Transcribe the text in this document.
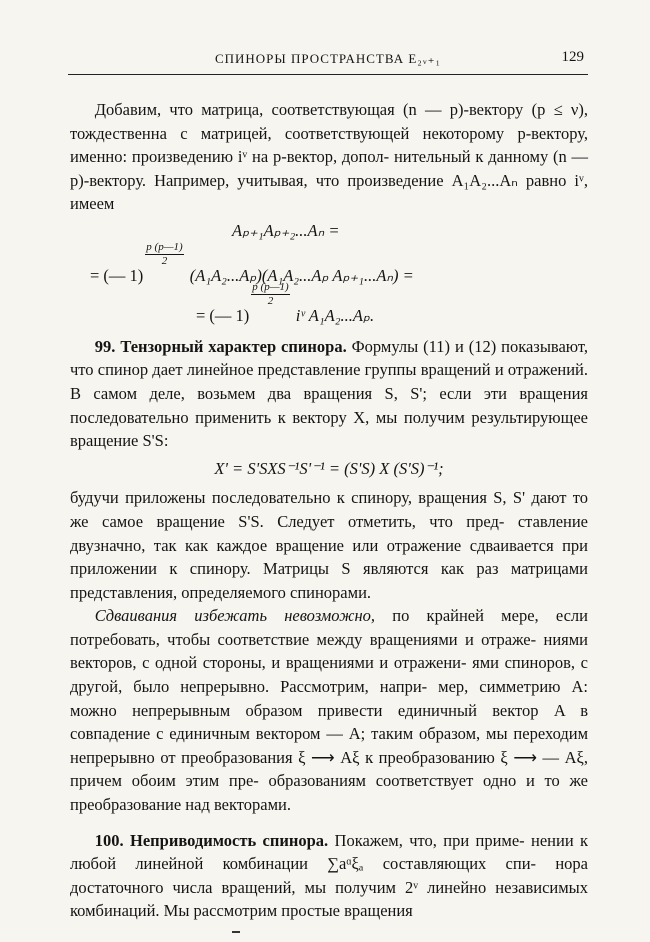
СПИНОРЫ ПРОСТРАНСТВА E₂ᵥ₊₁	129

Добавим, что матрица, соответствующая (n — p)-вектору (p ≤ ν), тождественна с матрицей, соответствующей некоторому p-вектору, именно: произведению iᵛ на p-вектор, допол- нительный к данному (n — p)-вектору. Например, учитывая, что произведение A₁A₂...Aₙ равно iᵛ, имеем

Aₚ₊₁Aₚ₊₂...Aₙ =
= (— 1)
$\frac{p (p—1)}{2}$
(A₁A₂...Aₚ)(A₁A₂...Aₚ Aₚ₊₁...Aₙ) =
= (— 1)
$\frac{p (p—1)}{2}$
iᵛ A₁A₂...Aₚ.

99. Тензорный характер спинора. Формулы (11) и (12) показывают, что спинор дает линейное представление группы вращений и отражений. В самом деле, возьмем два вращения S, S'; если эти вращения последовательно применить к вектору X, мы получим результирующее вращение S'S:

X' = S'SXS⁻¹S'⁻¹ = (S'S) X (S'S)⁻¹;

будучи приложены последовательно к спинору, вращения S, S' дают то же самое вращение S'S. Следует отметить, что пред- ставление двузначно, так как каждое вращение или отражение сдваивается при приложении к спинору. Матрицы S являются как раз матрицами представления, определяемого спинорами.

Сдваивания избежать невозможно, по крайней мере, если потребовать, чтобы соответствие между вращениями и отраже- ниями векторов, с одной стороны, и вращениями и отражени- ями спиноров, с другой, было непрерывно. Рассмотрим, напри- мер, симметрию A: можно непрерывным образом привести единичный вектор A в совпадение с единичным вектором — A; таким образом, мы переходим непрерывно от преобразования ξ ⟶ Aξ к преобразованию ξ ⟶ — Aξ, причем обоим этим пре- образованиям соответствует одно и то же преобразование над векторами.

100. Неприводимость спинора. Покажем, что, при приме- нении к любой линейной комбинации ∑aᵅξₐ составляющих спи- нора достаточного числа вращений, мы получим 2ᵛ линейно независимых комбинаций. Мы рассмотрим простые вращения
